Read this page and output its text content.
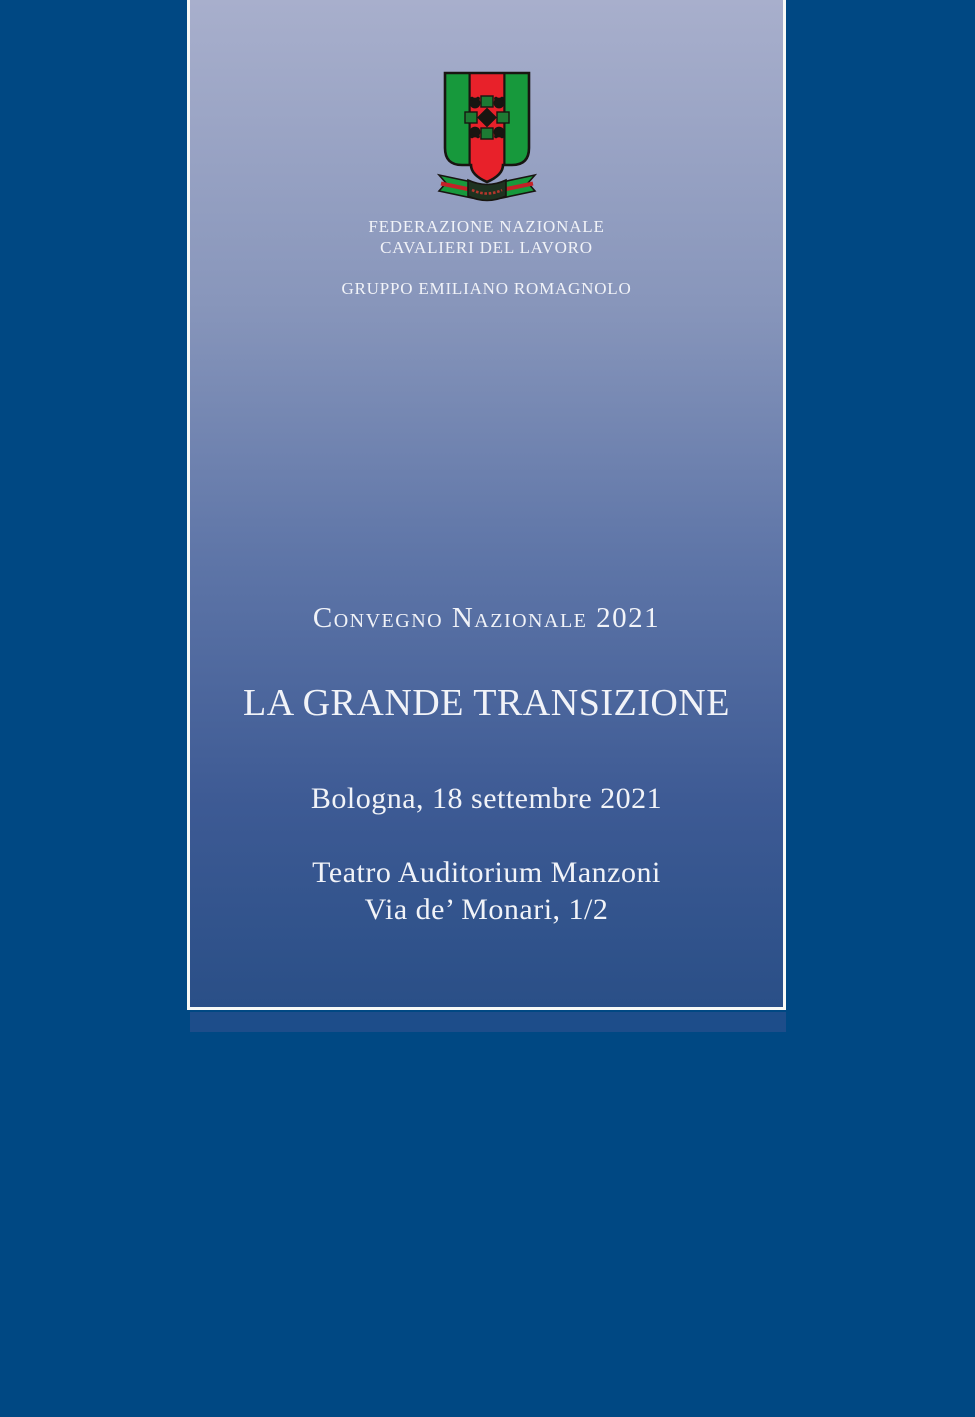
FEDERAZIONE NAZIONALE
CAVALIERI DEL LAVORO
GRUPPO EMILIANO ROMAGNOLO
Convegno Nazionale 2021
LA GRANDE TRANSIZIONE
Bologna, 18 settembre 2021
Teatro Auditorium Manzoni
Via de’ Monari, 1/2
